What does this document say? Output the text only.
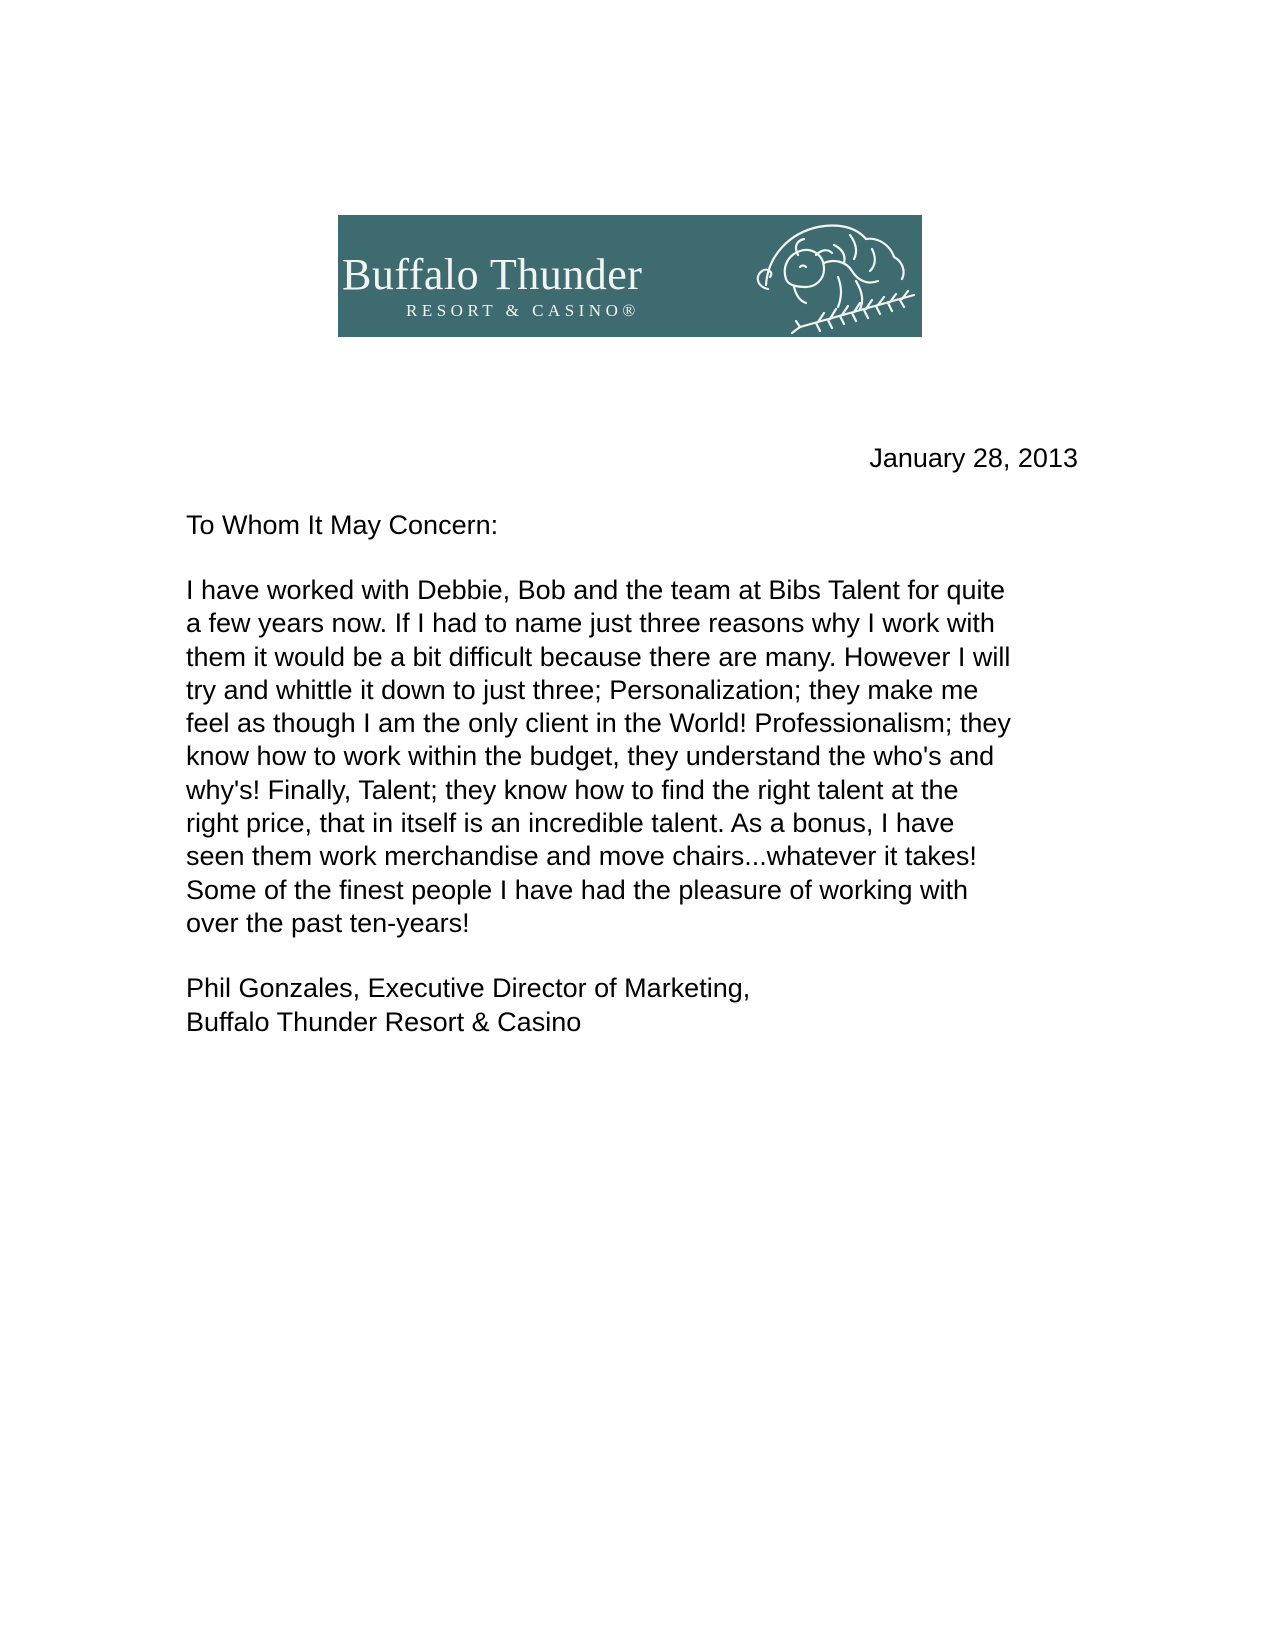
Buffalo Thunder
RESORT & CASINO®
January 28, 2013
To Whom It May Concern:
I have worked with Debbie, Bob and the team at Bibs Talent for quite
a few years now. If I had to name just three reasons why I work with
them it would be a bit difficult because there are many. However I will
try and whittle it down to just three; Personalization; they make me
feel as though I am the only client in the World! Professionalism; they
know how to work within the budget, they understand the who's and
why's! Finally, Talent; they know how to find the right talent at the
right price, that in itself is an incredible talent. As a bonus, I have
seen them work merchandise and move chairs...whatever it takes!
Some of the finest people I have had the pleasure of working with
over the past ten-years!
Phil Gonzales, Executive Director of Marketing,
Buffalo Thunder Resort & Casino
